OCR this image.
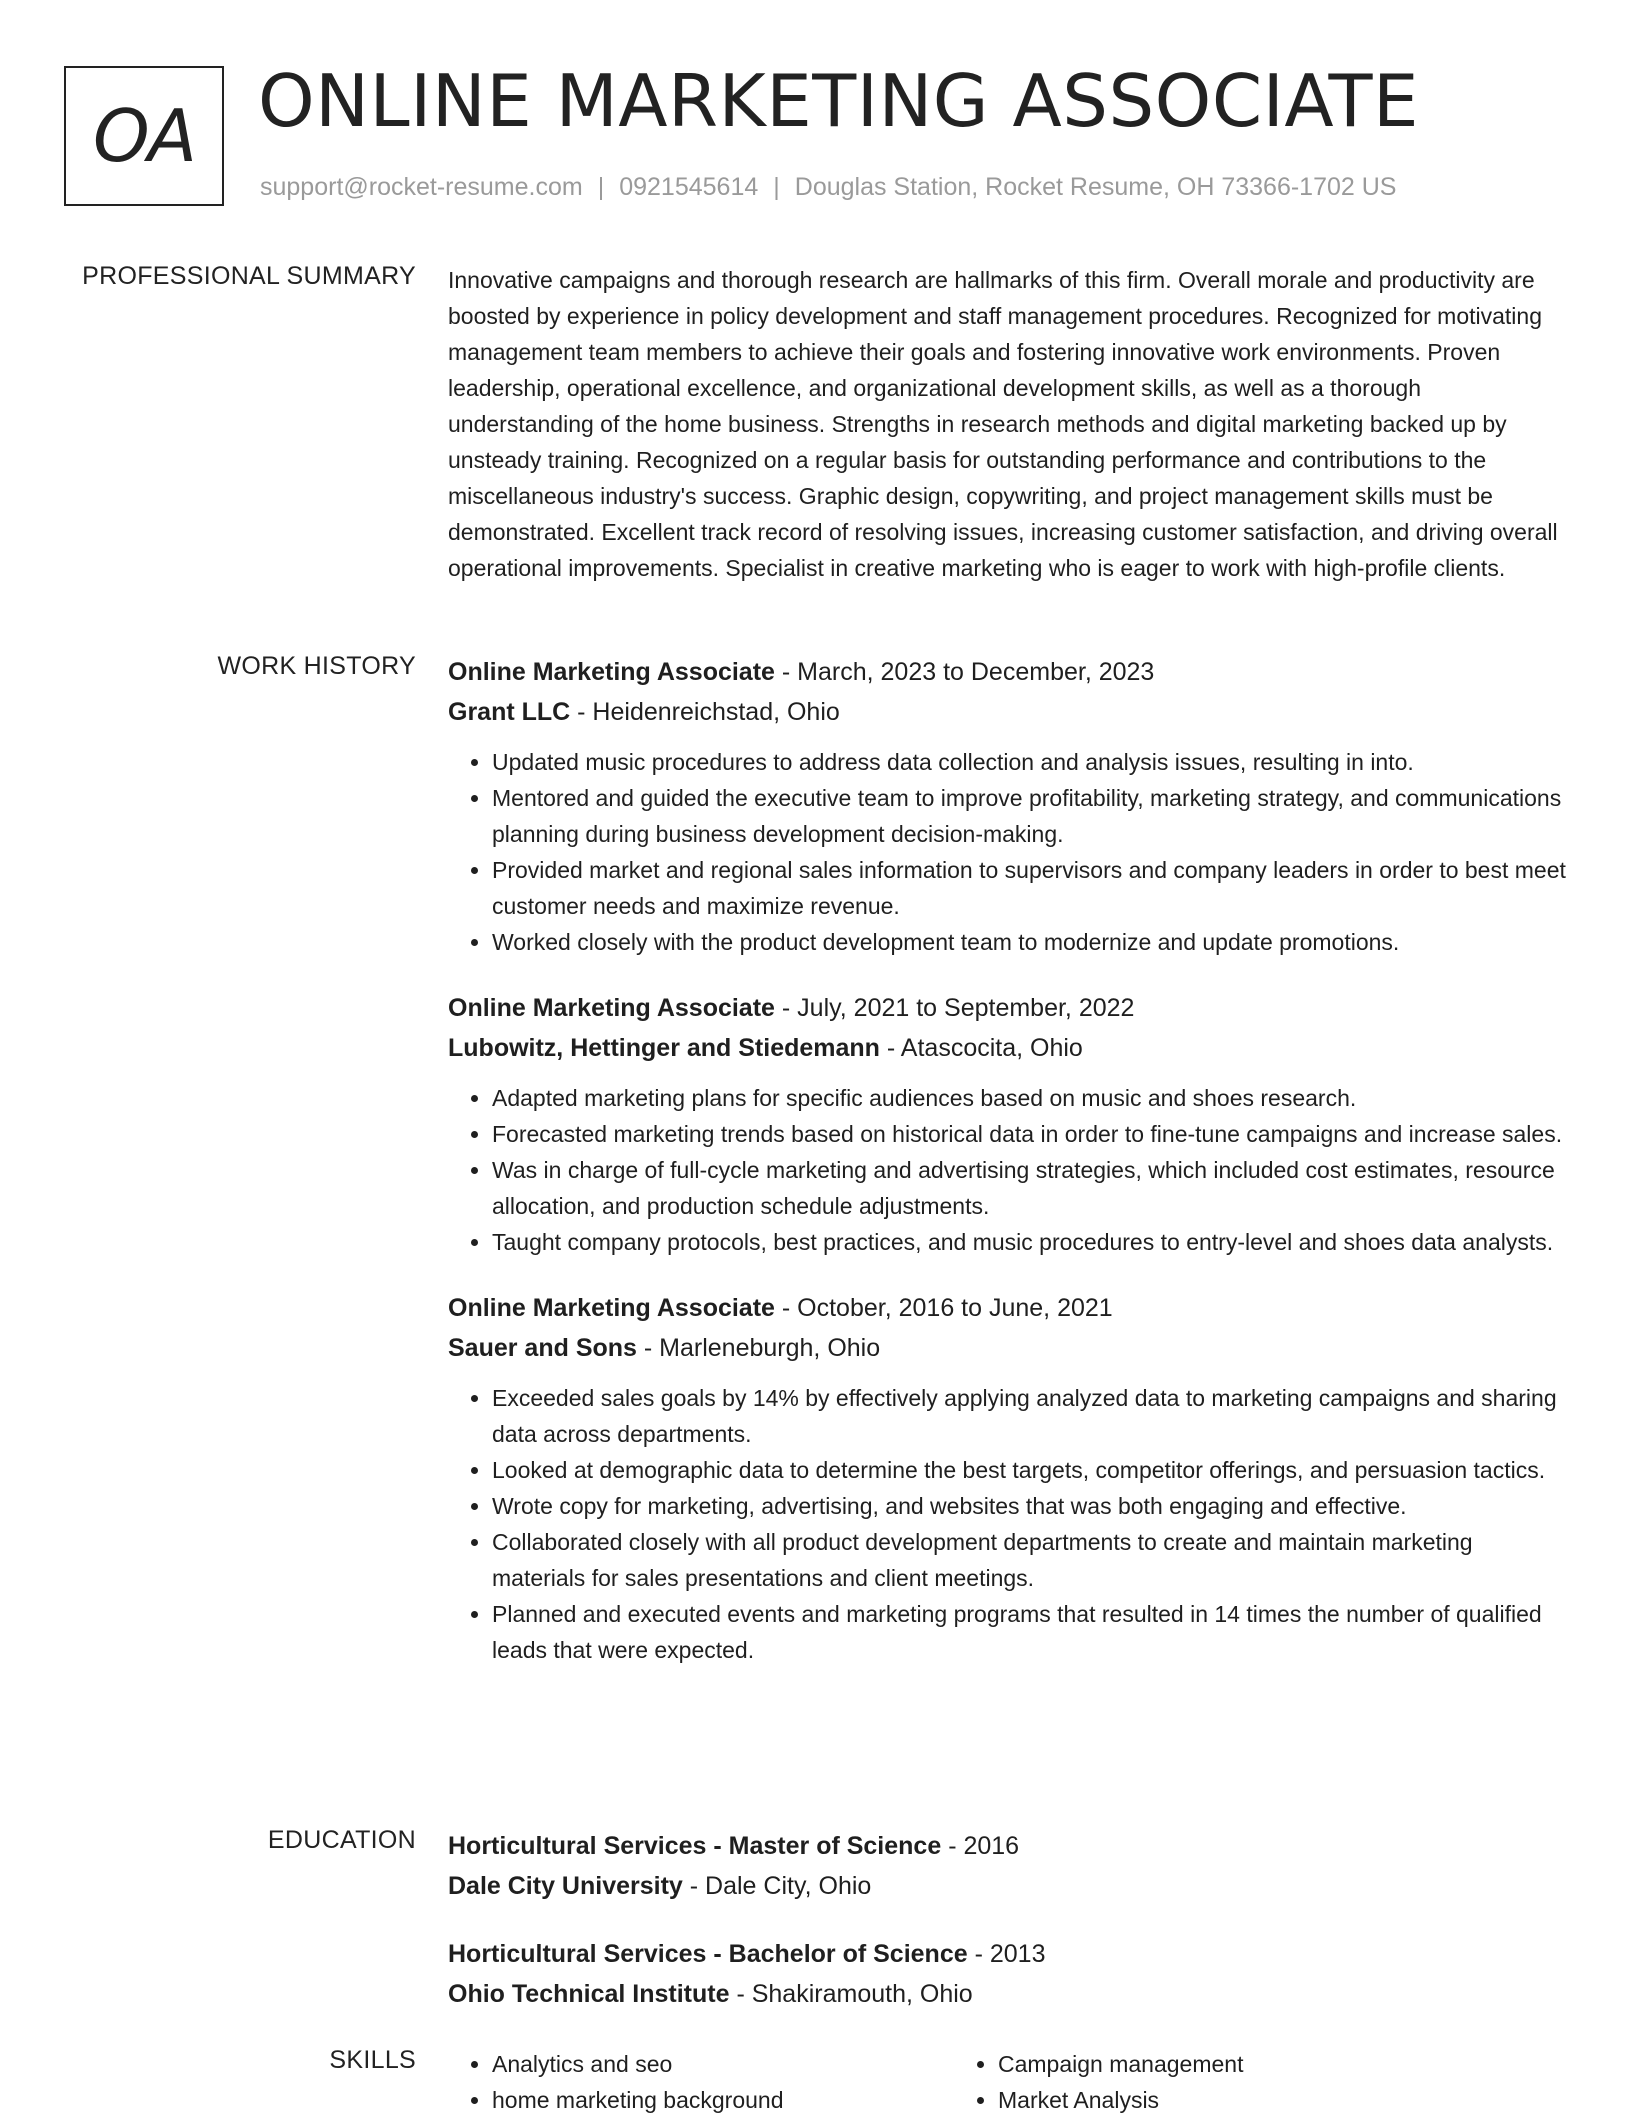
OA ONLINE MARKETING ASSOCIATE
support@rocket-resume.com | 0921545614 | Douglas Station, Rocket Resume, OH 73366-1702 US
PROFESSIONAL SUMMARY Innovative campaigns and thorough research are hallmarks of this firm. Overall morale and productivity are boosted by experience in policy development and staff management procedures. Recognized for motivating management team members to achieve their goals and fostering innovative work environments. Proven leadership, operational excellence, and organizational development skills, as well as a thorough understanding of the home business. Strengths in research methods and digital marketing backed up by unsteady training. Recognized on a regular basis for outstanding performance and contributions to the miscellaneous industry's success. Graphic design, copywriting, and project management skills must be demonstrated. Excellent track record of resolving issues, increasing customer satisfaction, and driving overall operational improvements. Specialist in creative marketing who is eager to work with high-profile clients.

WORK HISTORY Online Marketing Associate - March, 2023 to December, 2023
Grant LLC - Heidenreichstad, Ohio
• Updated music procedures to address data collection and analysis issues, resulting in into.
• Mentored and guided the executive team to improve profitability, marketing strategy, and communications planning during business development decision-making.
• Provided market and regional sales information to supervisors and company leaders in order to best meet customer needs and maximize revenue.
• Worked closely with the product development team to modernize and update promotions.
Online Marketing Associate - July, 2021 to September, 2022
Lubowitz, Hettinger and Stiedemann - Atascocita, Ohio
• Adapted marketing plans for specific audiences based on music and shoes research.
• Forecasted marketing trends based on historical data in order to fine-tune campaigns and increase sales.
• Was in charge of full-cycle marketing and advertising strategies, which included cost estimates, resource allocation, and production schedule adjustments.
• Taught company protocols, best practices, and music procedures to entry-level and shoes data analysts.
Online Marketing Associate - October, 2016 to June, 2021
Sauer and Sons - Marleneburgh, Ohio
• Exceeded sales goals by 14% by effectively applying analyzed data to marketing campaigns and sharing data across departments.
• Looked at demographic data to determine the best targets, competitor offerings, and persuasion tactics.
• Wrote copy for marketing, advertising, and websites that was both engaging and effective.
• Collaborated closely with all product development departments to create and maintain marketing materials for sales presentations and client meetings.
• Planned and executed events and marketing programs that resulted in 14 times the number of qualified leads that were expected.
EDUCATION Horticultural Services - Master of Science - 2016
Dale City University - Dale City, Ohio
Horticultural Services - Bachelor of Science - 2013
Ohio Technical Institute - Shakiramouth, Ohio
SKILLS
•	Analytics and seo
• home marketing background
• Campaign management
• Market Analysis
